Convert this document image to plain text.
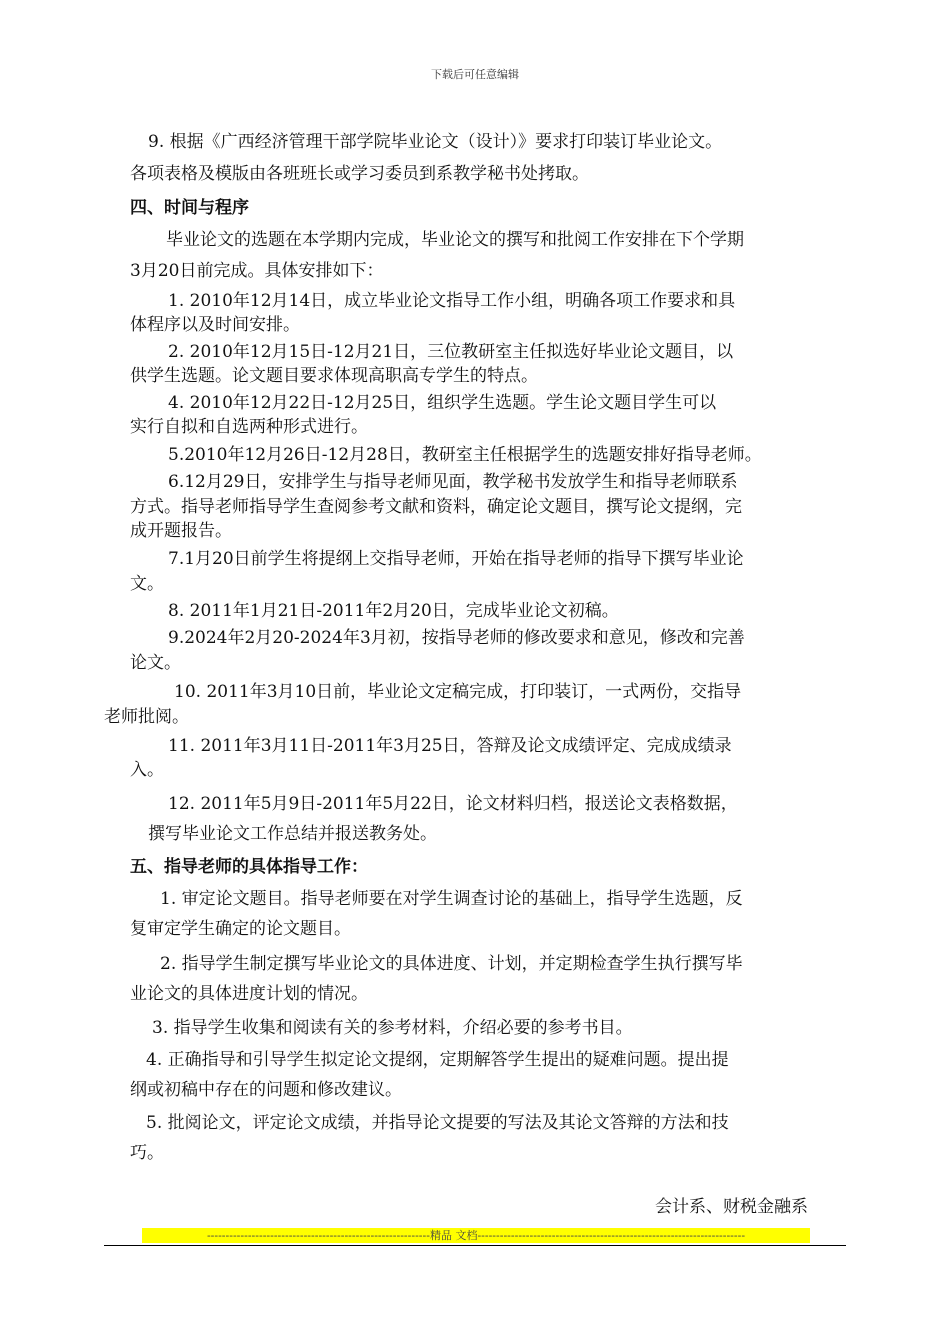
下载后可任意编辑
9. 根据《广西经济管理干部学院毕业论文（设计）》要求打印装订毕业论文。
各项表格及模版由各班班长或学习委员到系教学秘书处拷取。
四、时间与程序
毕业论文的选题在本学期内完成，毕业论文的撰写和批阅工作安排在下个学期
3月20日前完成。具体安排如下：
1. 2010年12月14日，成立毕业论文指导工作小组，明确各项工作要求和具
体程序以及时间安排。
2. 2010年12月15日-12月21日，三位教研室主任拟选好毕业论文题目，以
供学生选题。论文题目要求体现高职高专学生的特点。
4. 2010年12月22日-12月25日，组织学生选题。学生论文题目学生可以
实行自拟和自选两种形式进行。
5.2010年12月26日-12月28日，教研室主任根据学生的选题安排好指导老师。
6.12月29日，安排学生与指导老师见面，教学秘书发放学生和指导老师联系
方式。指导老师指导学生查阅参考文献和资料，确定论文题目，撰写论文提纲，完
成开题报告。
7.1月20日前学生将提纲上交指导老师，开始在指导老师的指导下撰写毕业论
文。
8. 2011年1月21日-2011年2月20日，完成毕业论文初稿。
9.2024年2月20-2024年3月初，按指导老师的修改要求和意见，修改和完善
论文。
10. 2011年3月10日前，毕业论文定稿完成，打印装订，一式两份，交指导
老师批阅。
11. 2011年3月11日-2011年3月25日，答辩及论文成绩评定、完成成绩录
入。
12. 2011年5月9日-2011年5月22日，论文材料归档，报送论文表格数据，
撰写毕业论文工作总结并报送教务处。
五、指导老师的具体指导工作：
1. 审定论文题目。指导老师要在对学生调查讨论的基础上，指导学生选题，反
复审定学生确定的论文题目。
2. 指导学生制定撰写毕业论文的具体进度、计划，并定期检查学生执行撰写毕
业论文的具体进度计划的情况。
3. 指导学生收集和阅读有关的参考材料，介绍必要的参考书目。
4. 正确指导和引导学生拟定论文提纲，定期解答学生提出的疑难问题。提出提
纲或初稿中存在的问题和修改建议。
5. 批阅论文，评定论文成绩，并指导论文提要的写法及其论文答辩的方法和技
巧。
会计系、财税金融系
------------------------------------------------------------精品 文档------------------------------------------------------------------------
